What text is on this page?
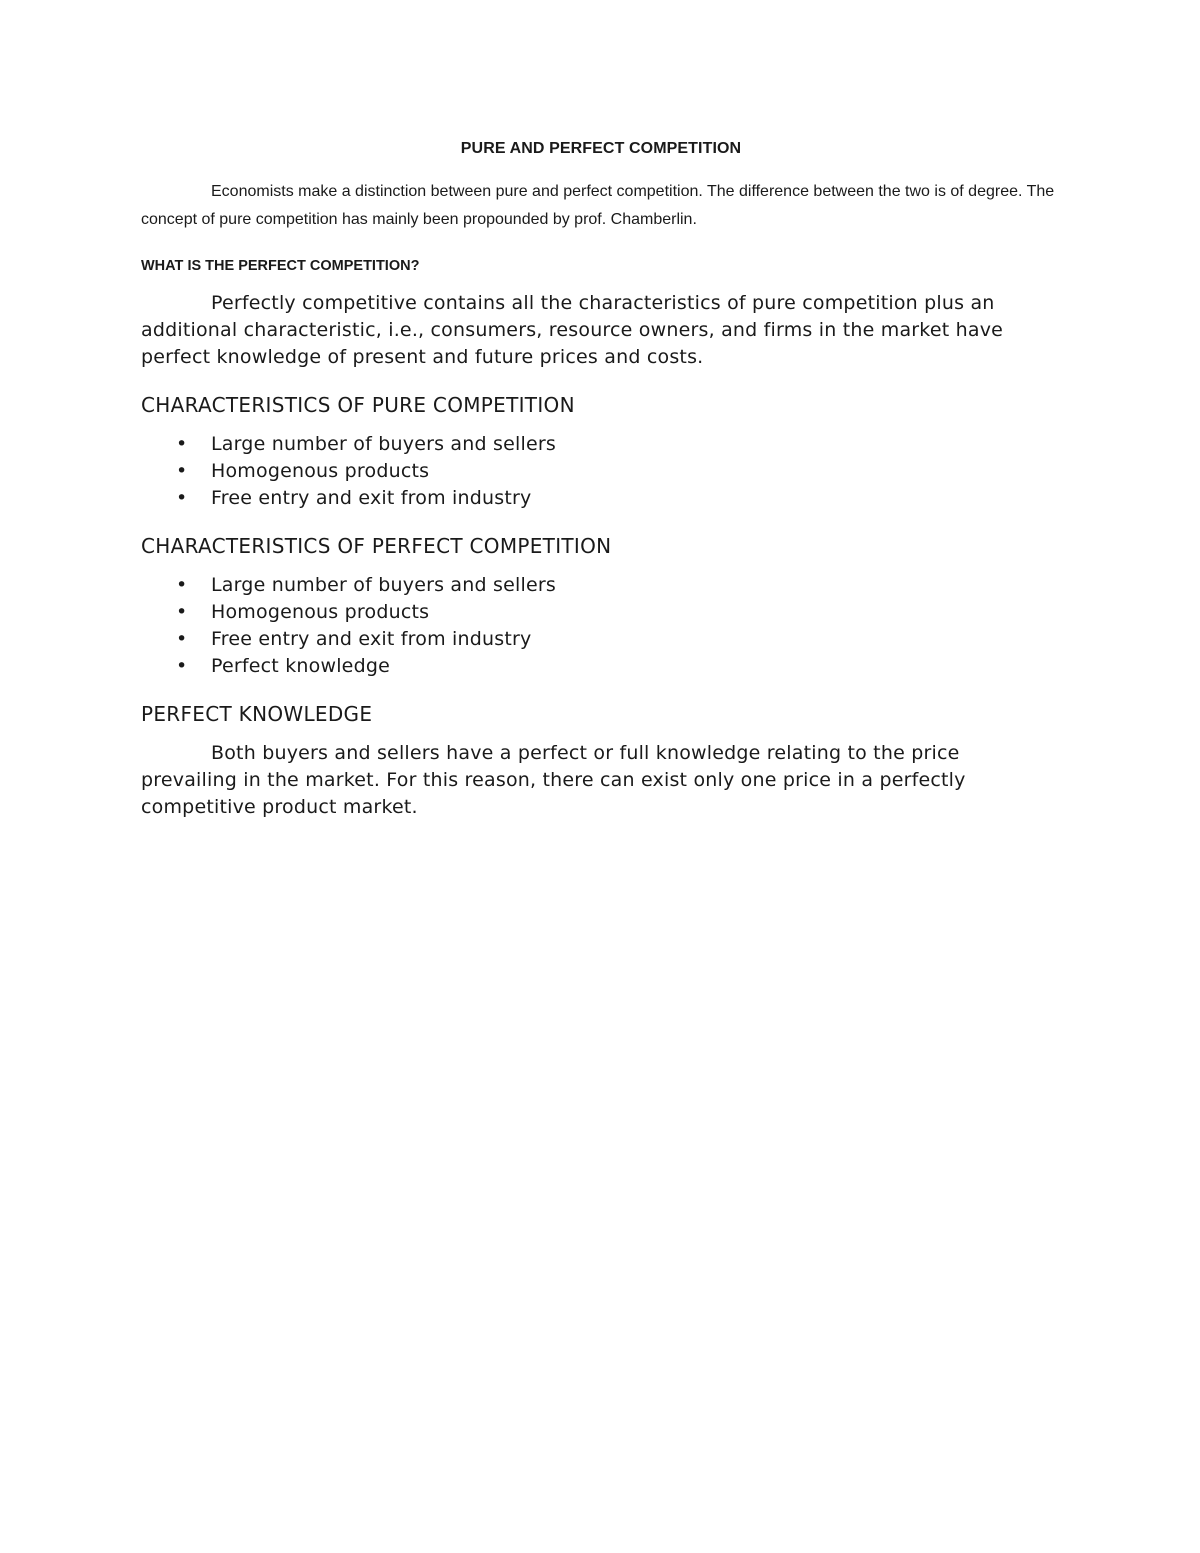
PURE AND PERFECT COMPETITION

Economists make a distinction between pure and perfect competition. The difference between the two is of degree. The concept of pure competition has mainly been propounded by prof. Chamberlin.

WHAT IS THE PERFECT COMPETITION?

Perfectly competitive contains all the characteristics of pure competition plus an additional characteristic, i.e., consumers, resource owners, and firms in the market have perfect knowledge of present and future prices and costs.

CHARACTERISTICS OF PURE COMPETITION
• Large number of buyers and sellers
• Homogenous products
• Free entry and exit from industry
CHARACTERISTICS OF PERFECT COMPETITION
• Large number of buyers and sellers
• Homogenous products
• Free entry and exit from industry
• Perfect knowledge
PERFECT KNOWLEDGE

Both buyers and sellers have a perfect or full knowledge relating to the price prevailing in the market. For this reason, there can exist only one price in a perfectly competitive product market.
